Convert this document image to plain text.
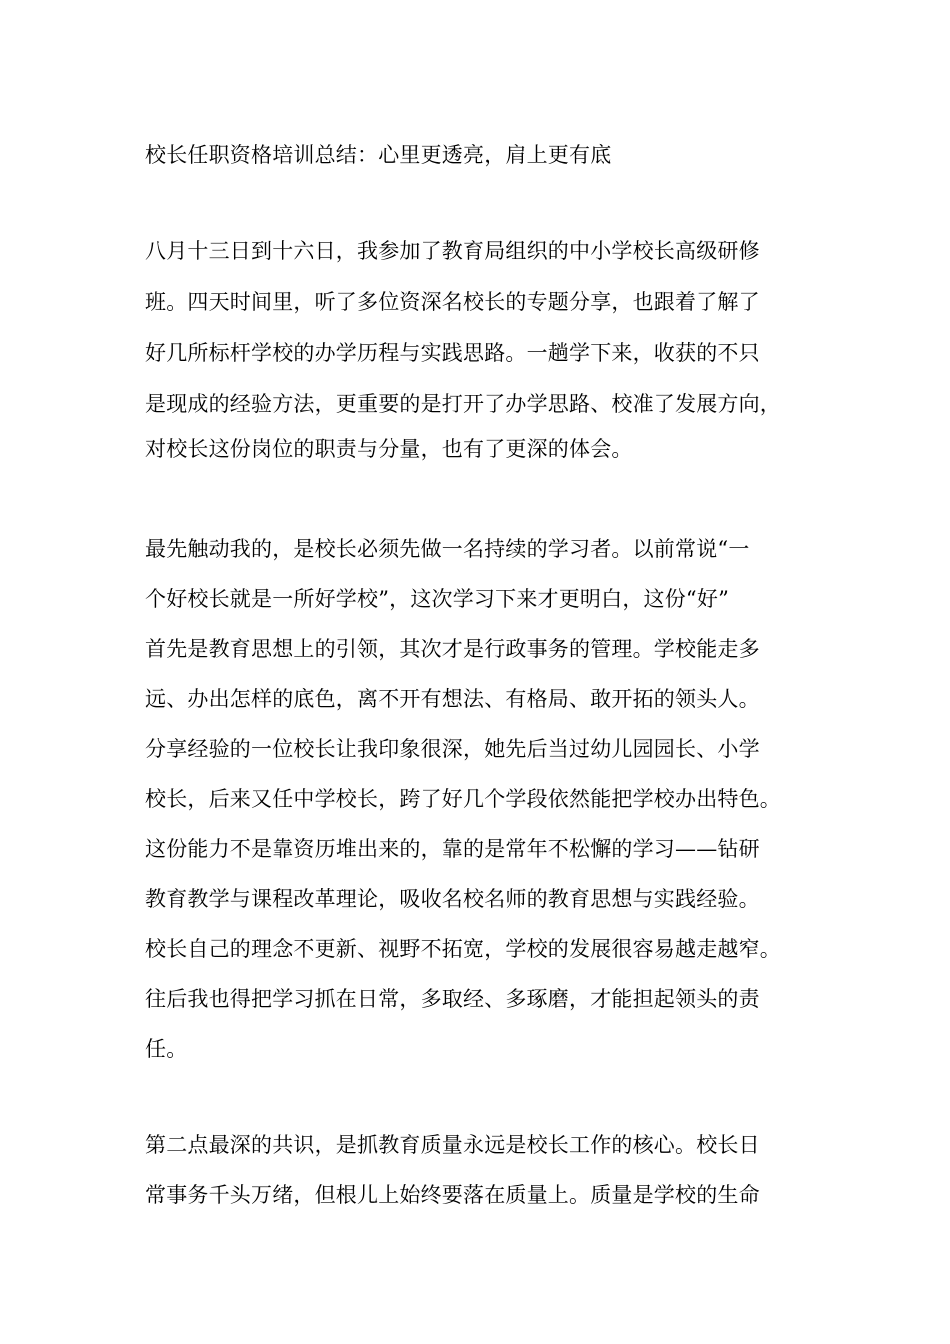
校长任职资格培训总结：心里更透亮，肩上更有底
八月十三日到十六日，我参加了教育局组织的中小学校长高级研修
班。四天时间里，听了多位资深名校长的专题分享，也跟着了解了
好几所标杆学校的办学历程与实践思路。一趟学下来，收获的不只
是现成的经验方法，更重要的是打开了办学思路、校准了发展方向，
对校长这份岗位的职责与分量，也有了更深的体会。
最先触动我的，是校长必须先做一名持续的学习者。以前常说“一
个好校长就是一所好学校”，这次学习下来才更明白，这份“好”
首先是教育思想上的引领，其次才是行政事务的管理。学校能走多
远、办出怎样的底色，离不开有想法、有格局、敢开拓的领头人。
分享经验的一位校长让我印象很深，她先后当过幼儿园园长、小学
校长，后来又任中学校长，跨了好几个学段依然能把学校办出特色。
这份能力不是靠资历堆出来的，靠的是常年不松懈的学习——钻研
教育教学与课程改革理论，吸收名校名师的教育思想与实践经验。
校长自己的理念不更新、视野不拓宽，学校的发展很容易越走越窄。
往后我也得把学习抓在日常，多取经、多琢磨，才能担起领头的责
任。
第二点最深的共识，是抓教育质量永远是校长工作的核心。校长日
常事务千头万绪，但根儿上始终要落在质量上。质量是学校的生命
